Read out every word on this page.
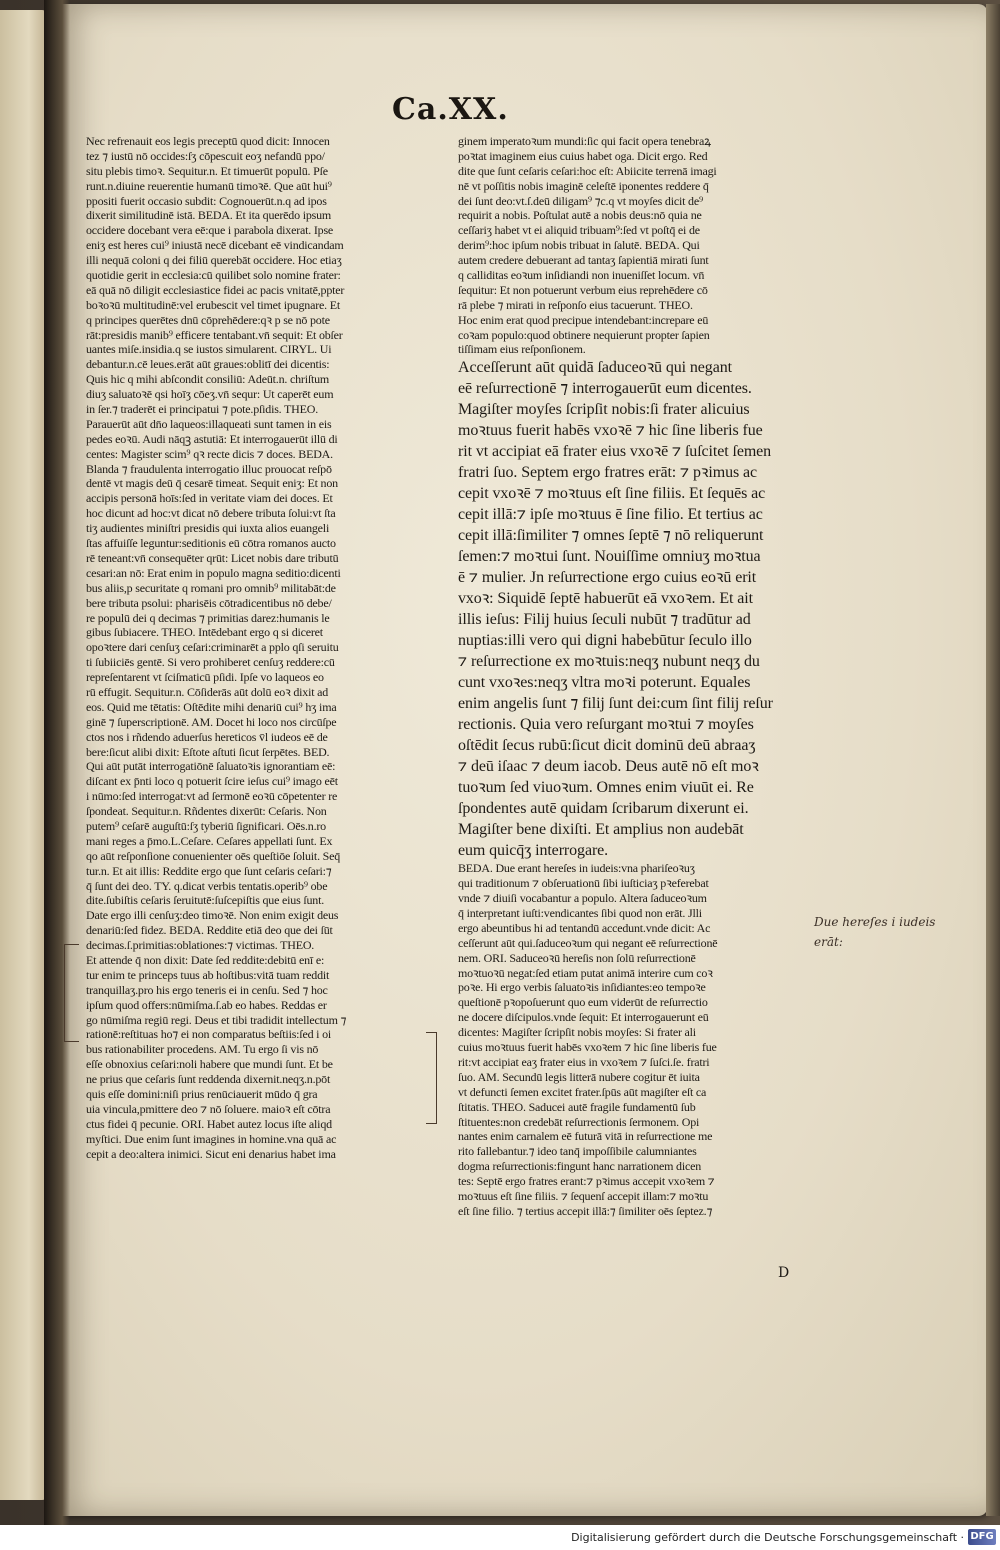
Ca.XX.
Nec refrenauit eos legis preceptū quod dicit: Innocen
tez ⁊ iustū nō occides:ſʒ cōpescuit eoʒ nefandū ppo/
situ plebis timoꝛ. Sequitur.n. Et timuerūt populū. Pſe
runt.n.diuine reuerentie humanū timoꝛē. Que aūt hui⁹
ppositi fuerit occasio subdit: Cognouerūt.n.q ad ipos
dixerit similitudinē istā. BEDA. Et ita querēdo ipsum
occidere docebant vera eē:que i parabola dixerat. Ipse
eniʒ est heres cui⁹ iniustā necē dicebant eē vindicandam
illi nequā coloni q dei filiū querebāt occidere. Hoc etiaʒ
quotidie gerit in ecclesia:cū quilibet solo nomine frater:
eā quā nō diligit ecclesiastice fidei ac pacis vnitatē,ppter
boꝛoꝛū multitudinē:vel erubescit vel timet ipugnare. Et
q principes querētes dnū cōprehēdere:qꝛ p se nō pote
rāt:presidis manib⁹ efficere tentabant.vn̄ sequit: Et obſer
uantes miſe.insidia.q se iustos simularent. CIRYL. Ui
debantur.n.cē leues.erāt aūt graues:oblitī dei dicentis:
Quis hic q mihi abſcondit consiliū: Adeūt.n. chriſtum
diuʒ saluatoꝛē qsi hoīʒ cōeʒ.vn̄ sequr: Ut caperēt eum
in ſer.⁊ traderēt ei principatui ⁊ pote.pſidis. THEO.
Parauerūt aūt dn̄o laqueos:illaqueati sunt tamen in eis
pedes eoꝛū. Audi nāqꝫ astutiā: Et interrogauerūt illū di
centes: Magister scim⁹ qꝛ recte dicis ⁊ doces. BEDA.
Blanda ⁊ fraudulenta interrogatio illuc prouocat reſpō
dentē vt magis deū q̄ cesarē timeat. Sequit eniʒ: Et non
accipis personā hoīs:ſed in veritate viam dei doces. Et
hoc dicunt ad hoc:vt dicat nō debere tributa ſolui:vt ſta
tiʒ audientes miniſtri presidis qui iuxta alios euangeli
ſtas affuiſſe leguntur:seditionis eū cōtra romanos aucto
rē teneant:vn̄ consequēter qrūt: Licet nobis dare tributū
cesari:an nō: Erat enim in populo magna seditio:dicenti
bus aliis,p securitate q romani pro omnib⁹ militabāt:de
bere tributa psolui: pharisēis cōtradicentibus nō debe/
re populū dei q decimas ⁊ primitias darez:humanis le
gibus ſubiacere. THEO. Intēdebant ergo q si diceret
opoꝛtere dari cenſuʒ ceſari:criminarēt a pplo qſi seruitu
ti ſubiiciēs gentē. Si vero prohiberet cenſuʒ reddere:cū
repreſentarent vt ſciſmaticū pſidi. Ipſe vo laqueos eo
rū effugit. Sequitur.n. Cōſiderās aūt dolū eoꝛ dixit ad
eos. Quid me tētatis: Oſtēdite mihi denariū cui⁹ hʒ ima
ginē ⁊ ſuperscriptionē. AM. Docet hi loco nos circūſpe
ctos nos i rñdendo aduerſus hereticos v̄l iudeos eē de
bere:ſicut alibi dixit: Eſtote aſtuti ſicut ſerpētes. BED.
Qui aūt putāt interrogatiōnē ſaluatoꝛis ignorantiam eē:
diſcant ex p̄nti loco q potuerit ſcire ieſus cui⁹ imago eēt
i nūmo:ſed interrogat:vt ad ſermonē eoꝛū cōpetenter re
ſpondeat. Sequitur.n. Rñdentes dixerūt: Ceſaris. Non
putem⁹ ceſarē auguſtū:ſʒ tyberiū ſignificari. Oēs.n.ro
mani reges a p̄mo.L.Ceſare. Ceſares appellati ſunt. Ex
qo aūt reſponſione conuenienter oēs queſtiōe ſoluit. Seq̄
tur.n. Et ait illis: Reddite ergo que ſunt ceſaris ceſari:⁊
q̄ ſunt dei deo. TY. q.dicat verbis tentatis.operib⁹ obe
dite.ſubiſtis ceſaris ſeruitutē:ſuſcepiſtis que eius ſunt.
Date ergo illi cenſuʒ:deo timoꝛē. Non enim exigit deus
denariū:ſed fidez. BEDA. Reddite etiā deo que dei ſūt
decimas.ſ.primitias:oblationes:⁊ victimas. THEO.
Et attende q̄ non dixit: Date ſed reddite:debitū enī e:
tur enim te princeps tuus ab hoſtibus:vitā tuam reddit
tranquillaʒ.pro his ergo teneris ei in cenſu. Sed ⁊ hoc
ipſum quod offers:nūmiſma.ſ.ab eo habes. Reddas er
go nūmiſma regiū regi. Deus et tibi tradidit intellectum ⁊
rationē:reſtituas ho⁊ ei non comparatus beſtiis:ſed i oi
bus rationabiliter procedens. AM. Tu ergo ſi vis nō
eſſe obnoxius ceſari:noli habere que mundi ſunt. Et be
ne prius que ceſaris ſunt reddenda dixernit.neqʒ.n.pōt
quis eſſe domini:niſi prius renūciauerit mūdo q̄ gra
uia vincula,pmittere deo ⁊ nō ſoluere. maioꝛ eſt cōtra
ctus fidei q̄ pecunie. ORI. Habet autez locus iſte aliqd
myſtici. Due enim ſunt imagines in homine.vna quā ac
cepit a deo:altera inimici. Sicut eni denarius habet ima
ginem imperatoꝛum mundi:ſic qui facit opera tenebraꝝ
poꝛtat imaginem eius cuius habet oga. Dicit ergo. Red
dite que ſunt ceſaris ceſari:hoc eſt: Abiicite terrenā imagi
nē vt poſſitis nobis imaginē celeſtē iponentes reddere q̄
dei ſunt deo:vt.ſ.deū diligam⁹ ⁊c.q vt moyſes dicit de⁹
requirit a nobis. Poſtulat autē a nobis deus:nō quia ne
ceſſariʒ habet vt ei aliquid tribuam⁹:ſed vt poſtq̄ ei de
derim⁹:hoc ipſum nobis tribuat in ſalutē. BEDA. Qui
autem credere debuerant ad tantaʒ ſapientiā mirati ſunt
q calliditas eoꝛum inſidiandi non inueniſſet locum. vn̄
ſequitur: Et non potuerunt verbum eius reprehēdere cō
rā plebe ⁊ mirati in reſponſo eius tacuerunt. THEO.
Hoc enim erat quod precipue intendebant:increpare eū
coꝛam populo:quod obtinere nequierunt propter ſapien
tiſſimam eius reſponſionem.
Acceſſerunt aūt quidā ſaduceoꝛū qui negant
eē reſurrectionē ⁊ interrogauerūt eum dicentes.
Magiſter moyſes ſcripſit nobis:ſi frater alicuius
moꝛtuus fuerit habēs vxoꝛē ⁊ hic ſine liberis fue
rit vt accipiat eā frater eius vxoꝛē ⁊ ſuſcitet ſemen
fratri ſuo. Septem ergo fratres erāt: ⁊ pꝛimus ac
cepit vxoꝛē ⁊ moꝛtuus eſt ſine filiis. Et ſequēs ac
cepit illā:⁊ ipſe moꝛtuus ē ſine filio. Et tertius ac
cepit illā:ſimiliter ⁊ omnes ſeptē ⁊ nō reliquerunt
ſemen:⁊ moꝛtui ſunt. Nouiſſime omniuʒ moꝛtua
ē ⁊ mulier. Jn reſurrectione ergo cuius eoꝛū erit
vxoꝛ: Siquidē ſeptē habuerūt eā vxoꝛem. Et ait
illis ieſus: Filij huius ſeculi nubūt ⁊ tradūtur ad
nuptias:illi vero qui digni habebūtur ſeculo illo
⁊ reſurrectione ex moꝛtuis:neqʒ nubunt neqʒ du
cunt vxoꝛes:neqʒ vltra moꝛi poterunt. Equales
enim angelis ſunt ⁊ filij ſunt dei:cum ſint filij reſur
rectionis. Quia vero reſurgant moꝛtui ⁊ moyſes
oſtēdit ſecus rubū:ſicut dicit dominū deū abraaʒ
⁊ deū iſaac ⁊ deum iacob. Deus autē nō eſt moꝛ
tuoꝛum ſed viuoꝛum. Omnes enim viuūt ei. Re
ſpondentes autē quidam ſcribarum dixerunt ei.
Magiſter bene dixiſti. Et amplius non audebāt
eum quicq̄ʒ interrogare.
BEDA. Due erant hereſes in iudeis:vna phariſeoꝛuʒ
qui traditionum ⁊ obſeruationū ſibi iuſticiaʒ pꝛeferebat
vnde ⁊ diuiſi vocabantur a populo. Altera ſaduceoꝛum
q̄ interpretant iuſti:vendicantes ſibi quod non erāt. Jlli
ergo abeuntibus hi ad tentandū accedunt.vnde dicit: Ac
ceſſerunt aūt qui.ſaduceoꝛum qui negant eē reſurrectionē
nem. ORI. Saduceoꝛū hereſis non ſolū reſurrectionē
moꝛtuoꝛū negat:ſed etiam putat animā interire cum coꝛ
poꝛe. Hi ergo verbis ſaluatoꝛis inſidiantes:eo tempoꝛe
queſtionē pꝛopoſuerunt quo eum viderūt de reſurrectio
ne docere diſcipulos.vnde ſequit: Et interrogauerunt eū
dicentes: Magiſter ſcripſit nobis moyſes: Si frater ali
cuius moꝛtuus fuerit habēs vxoꝛem ⁊ hic ſine liberis fue
rit:vt accipiat eaʒ frater eius in vxoꝛem ⁊ ſuſci.ſe. fratri
ſuo. AM. Secundū legis litterā nubere cogitur ēt iuita
vt defuncti ſemen excitet frater.ſpūs aūt magiſter eſt ca
ſtitatis. THEO. Saducei autē fragile fundamentū ſub
ſtituentes:non credebāt reſurrectionis ſermonem. Opi
nantes enim carnalem eē futurā vitā in reſurrectione me
rito fallebantur.⁊ ideo tanq̄ impoſſibile calumniantes
dogma reſurrectionis:fingunt hanc narrationem dicen
tes: Septē ergo fratres erant:⁊ pꝛimus accepit vxoꝛem ⁊
moꝛtuus eſt ſine filiis. ⁊ ſequenſ accepit illam:⁊ moꝛtu
eſt ſine filio. ⁊ tertius accepit illā:⁊ ſimiliter oēs ſeptez.⁊
Due hereſes i iudeis
erāt:
D
Digitalisierung gefördert durch die Deutsche Forschungsgemeinschaft · DFG
